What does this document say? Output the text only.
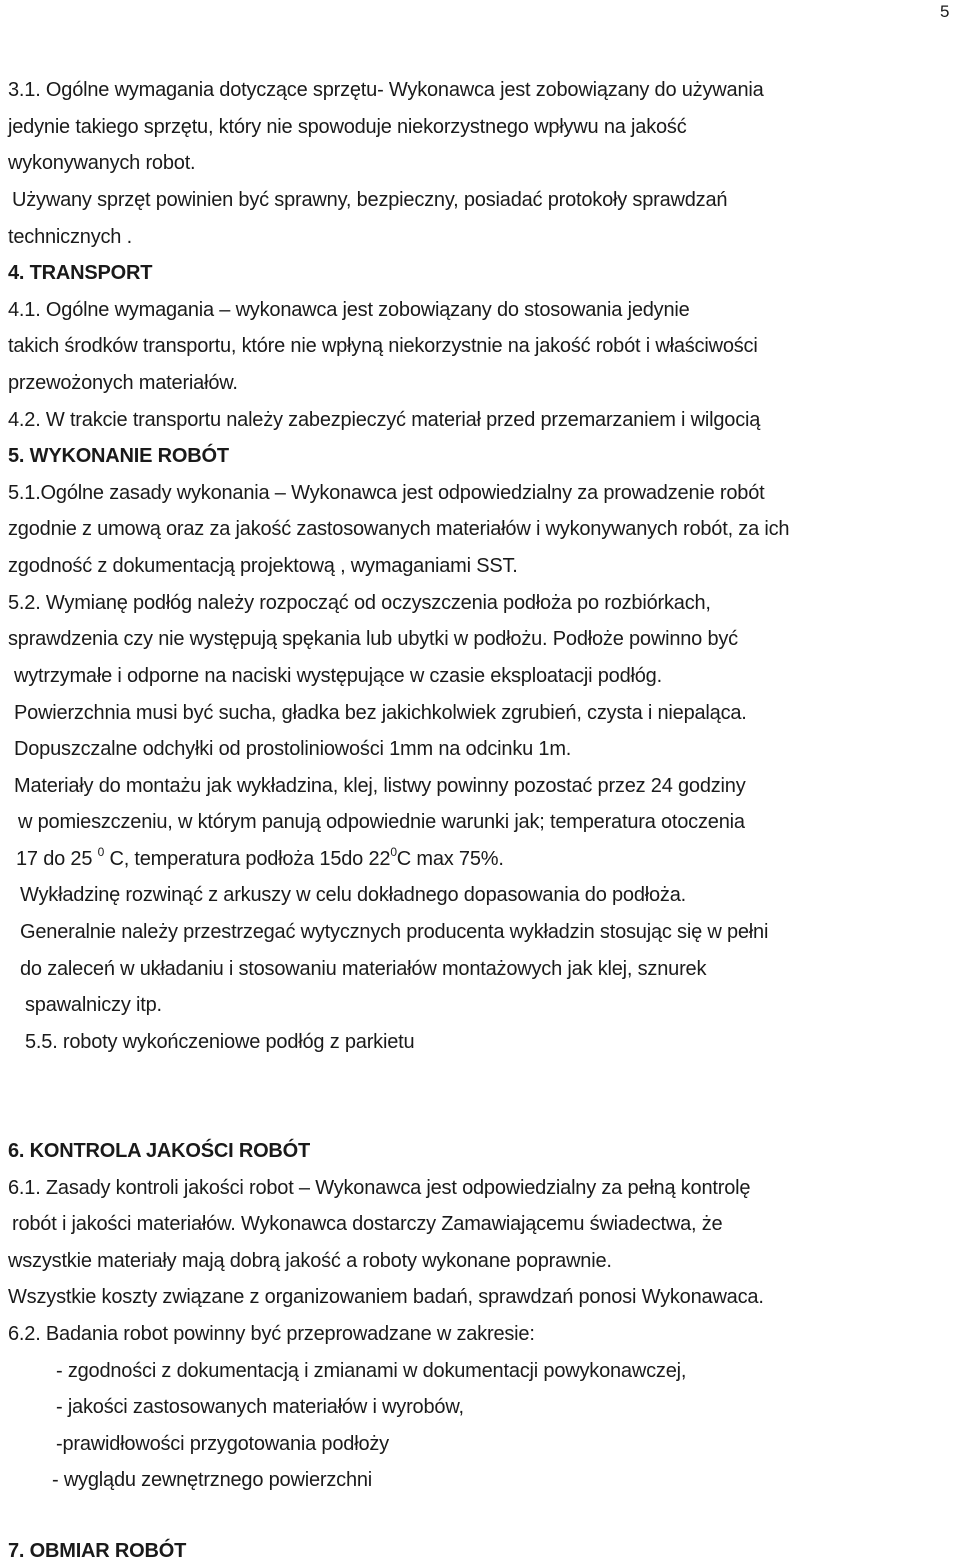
5
3.1. Ogólne wymagania dotyczące sprzętu- Wykonawca jest zobowiązany do używania
jedynie takiego sprzętu, który nie spowoduje niekorzystnego wpływu na jakość
wykonywanych robot.
Używany sprzęt powinien być sprawny, bezpieczny, posiadać protokoły sprawdzań
technicznych .
4. TRANSPORT
4.1. Ogólne wymagania – wykonawca jest zobowiązany do stosowania jedynie
takich środków transportu, które nie wpłyną niekorzystnie na jakość robót i właściwości
przewożonych materiałów.
4.2. W trakcie transportu należy zabezpieczyć materiał przed przemarzaniem i wilgocią
5. WYKONANIE ROBÓT
5.1.Ogólne zasady wykonania – Wykonawca jest odpowiedzialny za prowadzenie robót
zgodnie z umową oraz za jakość zastosowanych materiałów i wykonywanych robót, za ich
zgodność z dokumentacją projektową , wymaganiami SST.
5.2. Wymianę podłóg należy rozpocząć od oczyszczenia podłoża po rozbiórkach,
sprawdzenia czy nie występują spękania lub ubytki w podłożu. Podłoże powinno być
wytrzymałe i odporne na naciski występujące w czasie eksploatacji podłóg.
Powierzchnia musi być sucha, gładka bez jakichkolwiek zgrubień, czysta i niepaląca.
Dopuszczalne odchyłki od prostoliniowości 1mm na odcinku 1m.
Materiały do montażu jak wykładzina, klej, listwy powinny pozostać przez 24 godziny
w pomieszczeniu, w którym panują odpowiednie warunki jak; temperatura otoczenia
17 do 25 $^0$ C, temperatura podłoża 15do $22^0C$ max 75%.
Wykładzinę rozwinąć z arkuszy w celu dokładnego dopasowania do podłoża.
Generalnie należy przestrzegać wytycznych producenta wykładzin stosując się w pełni
do zaleceń w układaniu i stosowaniu materiałów montażowych jak klej, sznurek
spawalniczy itp.
5.5. roboty wykończeniowe podłóg z parkietu
6. KONTROLA JAKOŚCI ROBÓT
6.1. Zasady kontroli jakości robot – Wykonawca jest odpowiedzialny za pełną kontrolę
robót i jakości materiałów. Wykonawca dostarczy Zamawiającemu świadectwa, że
wszystkie materiały mają dobrą jakość a roboty wykonane poprawnie.
Wszystkie koszty związane z organizowaniem badań, sprawdzań ponosi Wykonawaca.
6.2. Badania robot powinny być przeprowadzane w zakresie:
- zgodności z dokumentacją i zmianami w dokumentacji powykonawczej,
- jakości zastosowanych materiałów i wyrobów,
-prawidłowości przygotowania podłoży
- wyglądu zewnętrznego powierzchni
7. OBMIAR ROBÓT
